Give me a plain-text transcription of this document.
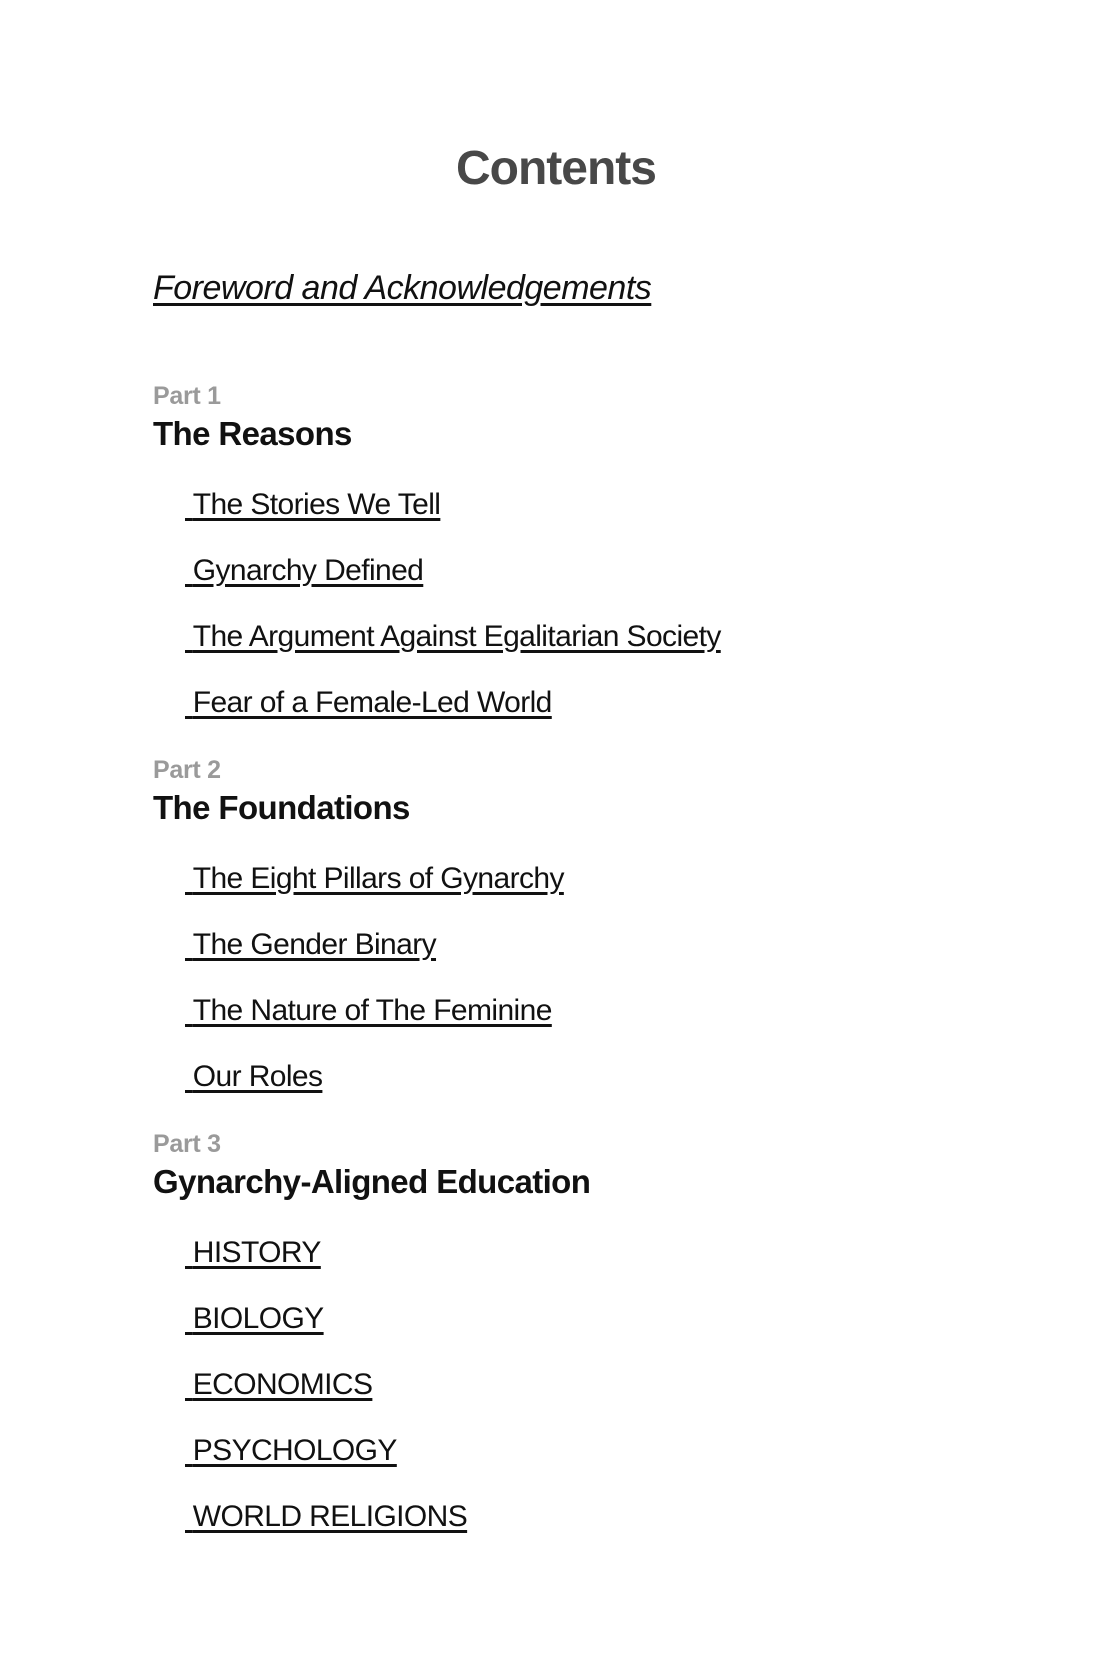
Contents
Foreword and Acknowledgements
Part 1
The Reasons
The Stories We Tell
Gynarchy Defined
The Argument Against Egalitarian Society
Fear of a Female-Led World
Part 2
The Foundations
The Eight Pillars of Gynarchy
The Gender Binary
The Nature of The Feminine
Our Roles
Part 3
Gynarchy-Aligned Education
HISTORY
BIOLOGY
ECONOMICS
PSYCHOLOGY
WORLD RELIGIONS
